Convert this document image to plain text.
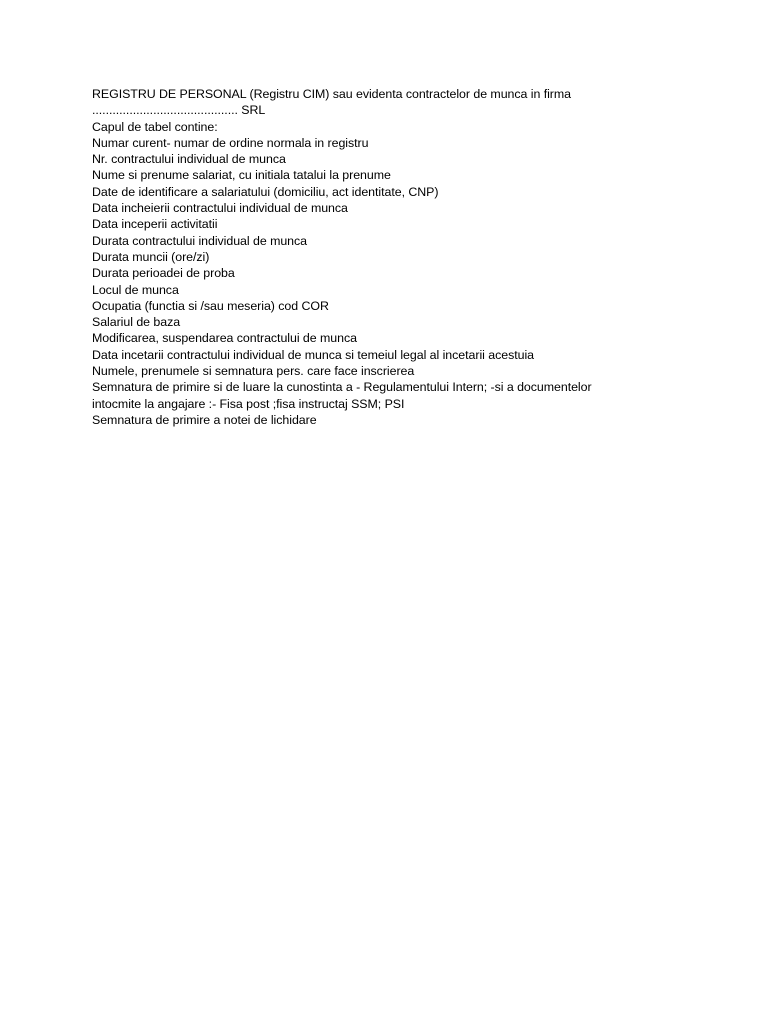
REGISTRU DE PERSONAL (Registru CIM) sau evidenta contractelor de munca in firma
........................................... SRL
Capul de tabel contine:
Numar curent- numar de ordine normala in registru
Nr. contractului individual de munca
Nume si prenume salariat, cu initiala tatalui la prenume
Date de identificare a salariatului (domiciliu, act identitate, CNP)
Data incheierii contractului individual de munca
Data inceperii activitatii
Durata contractului individual de munca
Durata muncii (ore/zi)
Durata perioadei de proba
Locul de munca
Ocupatia (functia si /sau meseria) cod COR
Salariul de baza
Modificarea, suspendarea contractului de munca
Data incetarii contractului individual de munca si temeiul legal al incetarii acestuia
Numele, prenumele si semnatura pers. care face inscrierea
Semnatura de primire si de luare la cunostinta a - Regulamentului Intern; -si a documentelor
intocmite la angajare :- Fisa post ;fisa instructaj SSM; PSI
Semnatura de primire a notei de lichidare
